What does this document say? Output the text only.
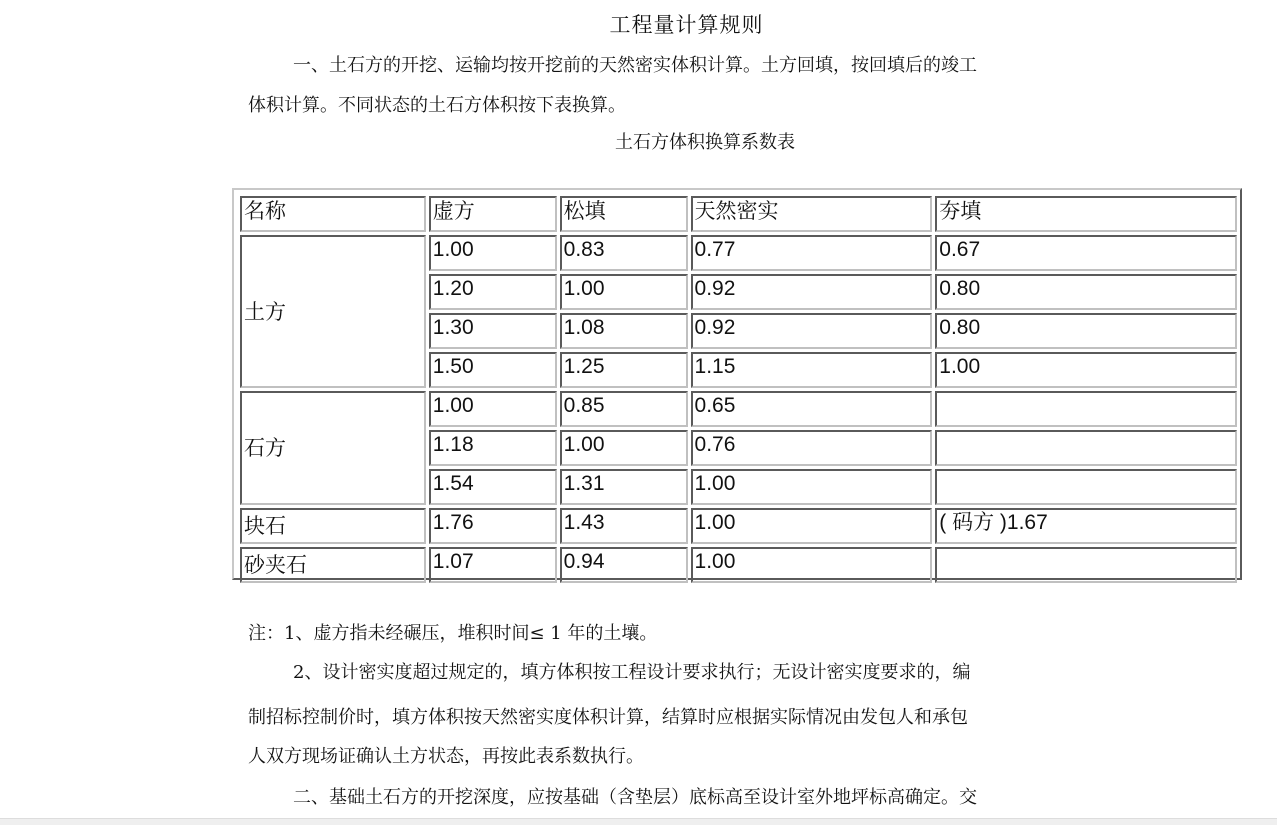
工程量计算规则
一、土石方的开挖、运输均按开挖前的天然密实体积计算。土方回填，按回填后的竣工
体积计算。不同状态的土石方体积按下表换算。
土石方体积换算系数表
名称	虚方	松填	天然密实	夯填
土方	1.00	0.83	0.77	0.67
	1.20	1.00	0.92	0.80
	1.30	1.08	0.92	0.80
	1.50	1.25	1.15	1.00
石方	1.00	0.85	0.65	
	1.18	1.00	0.76	
	1.54	1.31	1.00	
块石	1.76	1.43	1.00	( 码方 )1.67
砂夹石	1.07	0.94	1.00	
注：1、虚方指未经碾压，堆积时间≤ 1 年的土壤。
2、设计密实度超过规定的，填方体积按工程设计要求执行；无设计密实度要求的，编
制招标控制价时，填方体积按天然密实度体积计算，结算时应根据实际情况由发包人和承包
人双方现场证确认土方状态，再按此表系数执行。
二、基础土石方的开挖深度，应按基础（含垫层）底标高至设计室外地坪标高确定。交
